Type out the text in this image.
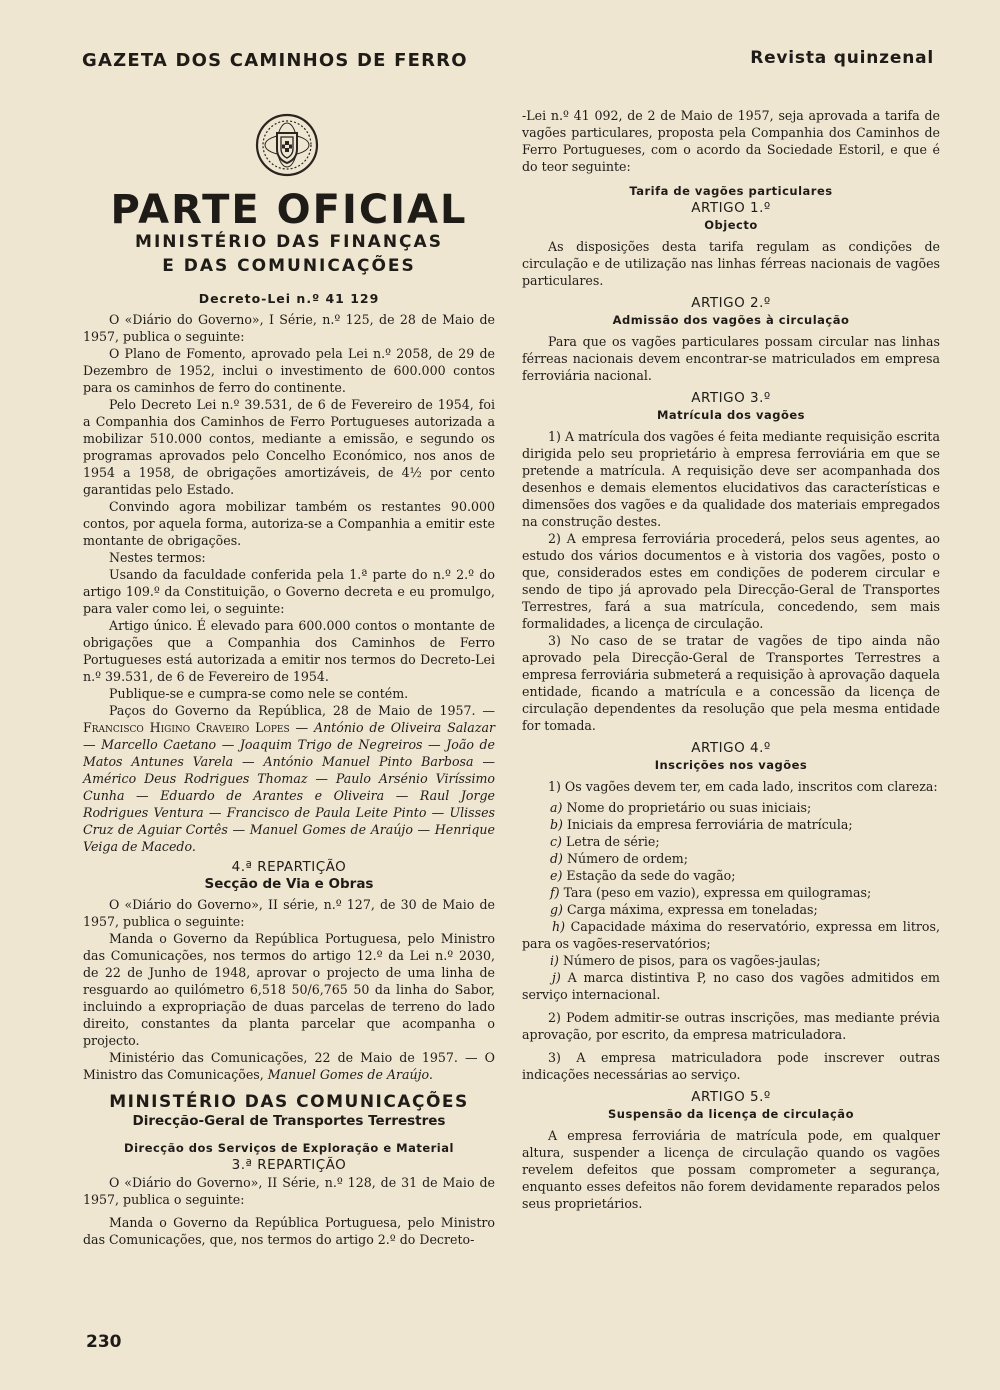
GAZETA DOS CAMINHOS DE FERRO	Revista quinzenal
PARTE OFICIAL
MINISTÉRIO DAS FINANÇAS
E DAS COMUNICAÇÕES
Decreto-Lei n.º 41 129

O «Diário do Governo», I Série, n.º 125, de 28 de Maio de 1957, publica o seguinte:

O Plano de Fomento, aprovado pela Lei n.º 2058, de 29 de Dezembro de 1952, inclui o investimento de 600.000 contos para os caminhos de ferro do continente.

Pelo Decreto Lei n.º 39.531, de 6 de Fevereiro de 1954, foi a Companhia dos Caminhos de Ferro Portugueses autorizada a mobilizar 510.000 contos, mediante a emissão, e segundo os programas aprovados pelo Concelho Económico, nos anos de 1954 a 1958, de obrigações amortizáveis, de 4½ por cento garantidas pelo Estado.

Convindo agora mobilizar também os restantes 90.000 contos, por aquela forma, autoriza-se a Companhia a emitir este montante de obrigações.

Nestes termos:

Usando da faculdade conferida pela 1.ª parte do n.º 2.º do artigo 109.º da Constituição, o Governo decreta e eu promulgo, para valer como lei, o seguinte:

Artigo único. É elevado para 600.000 contos o montante de obrigações que a Companhia dos Caminhos de Ferro Portugueses está autorizada a emitir nos termos do Decreto-Lei n.º 39.531, de 6 de Fevereiro de 1954.

Publique-se e cumpra-se como nele se contém.

Paços do Governo da República, 28 de Maio de 1957. — Francisco Higino Craveiro Lopes — António de Oliveira Salazar — Marcello Caetano — Joaquim Trigo de Negreiros — João de Matos Antunes Varela — António Manuel Pinto Barbosa — Américo Deus Rodrigues Thomaz — Paulo Arsénio Viríssimo Cunha — Eduardo de Arantes e Oliveira — Raul Jorge Rodrigues Ventura — Francisco de Paula Leite Pinto — Ulisses Cruz de Aguiar Cortês — Manuel Gomes de Araújo — Henrique Veiga de Macedo.

4.ª REPARTIÇÃO

Secção de Via e Obras

O «Diário do Governo», II série, n.º 127, de 30 de Maio de 1957, publica o seguinte:

Manda o Governo da República Portuguesa, pelo Ministro das Comunicações, nos termos do artigo 12.º da Lei n.º 2030, de 22 de Junho de 1948, aprovar o projecto de uma linha de resguardo ao quilómetro 6,518 50/6,765 50 da linha do Sabor, incluindo a expropriação de duas parcelas de terreno do lado direito, constantes da planta parcelar que acompanha o projecto.

Ministério das Comunicações, 22 de Maio de 1957. — O Ministro das Comunicações, Manuel Gomes de Araújo.

MINISTÉRIO DAS COMUNICAÇÕES

Direcção-Geral de Transportes Terrestres

Direcção dos Serviços de Exploração e Material

3.ª REPARTIÇÃO

O «Diário do Governo», II Série, n.º 128, de 31 de Maio de 1957, publica o seguinte:

Manda o Governo da República Portuguesa, pelo Ministro das Comunicações, que, nos termos do artigo 2.º do Decreto-

-Lei n.º 41 092, de 2 de Maio de 1957, seja aprovada a tarifa de vagões particulares, proposta pela Companhia dos Caminhos de Ferro Portugueses, com o acordo da Sociedade Estoril, e que é do teor seguinte:

Tarifa de vagões particulares

ARTIGO 1.º

Objecto

As disposições desta tarifa regulam as condições de circulação e de utilização nas linhas férreas nacionais de vagões particulares.

ARTIGO 2.º

Admissão dos vagões à circulação

Para que os vagões particulares possam circular nas linhas férreas nacionais devem encontrar-se matriculados em empresa ferroviária nacional.

ARTIGO 3.º

Matrícula dos vagões

1) A matrícula dos vagões é feita mediante requisição escrita dirigida pelo seu proprietário à empresa ferroviária em que se pretende a matrícula. A requisição deve ser acompanhada dos desenhos e demais elementos elucidativos das características e dimensões dos vagões e da qualidade dos materiais empregados na construção destes.

2) A empresa ferroviária procederá, pelos seus agentes, ao estudo dos vários documentos e à vistoria dos vagões, posto o que, considerados estes em condições de poderem circular e sendo de tipo já aprovado pela Direcção-Geral de Transportes Terrestres, fará a sua matrícula, concedendo, sem mais formalidades, a licença de circulação.

3) No caso de se tratar de vagões de tipo ainda não aprovado pela Direcção-Geral de Transportes Terrestres a empresa ferroviária submeterá a requisição à aprovação daquela entidade, ficando a matrícula e a concessão da licença de circulação dependentes da resolução que pela mesma entidade for tomada.

ARTIGO 4.º

Inscrições nos vagões

1) Os vagões devem ter, em cada lado, inscritos com clareza:

a) Nome do proprietário ou suas iniciais;

b) Iniciais da empresa ferroviária de matrícula;

c) Letra de série;

d) Número de ordem;

e) Estação da sede do vagão;

f) Tara (peso em vazio), expressa em quilogramas;

g) Carga máxima, expressa em toneladas;

h) Capacidade máxima do reservatório, expressa em litros, para os vagões-reservatórios;

i) Número de pisos, para os vagões-jaulas;

j) A marca distintiva P, no caso dos vagões admitidos em serviço internacional.

2) Podem admitir-se outras inscrições, mas mediante prévia aprovação, por escrito, da empresa matriculadora.

3) A empresa matriculadora pode inscrever outras indicações necessárias ao serviço.

ARTIGO 5.º

Suspensão da licença de circulação

A empresa ferroviária de matrícula pode, em qualquer altura, suspender a licença de circulação quando os vagões revelem defeitos que possam comprometer a segurança, enquanto esses defeitos não forem devidamente reparados pelos seus proprietários.

230
